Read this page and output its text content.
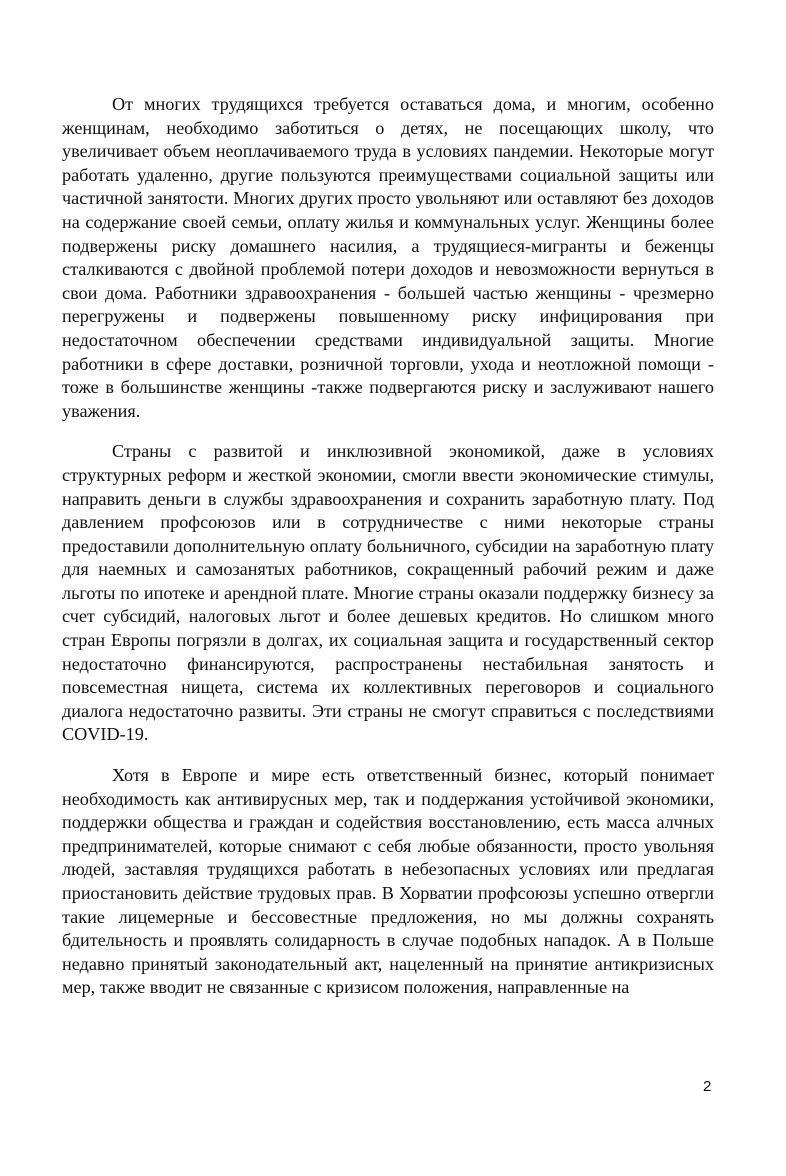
От многих трудящихся требуется оставаться дома, и многим, особенно женщинам, необходимо заботиться о детях, не посещающих школу, что увеличивает объем неоплачиваемого труда в условиях пандемии. Некоторые могут работать удаленно, другие пользуются преимуществами социальной защиты или частичной занятости. Многих других просто увольняют или оставляют без доходов на содержание своей семьи, оплату жилья и коммунальных услуг. Женщины более подвержены риску домашнего насилия, а трудящиеся-мигранты и беженцы сталкиваются с двойной проблемой потери доходов и невозможности вернуться в свои дома. Работники здравоохранения - большей частью женщины - чрезмерно перегружены и подвержены повышенному риску инфицирования при недостаточном обеспечении средствами индивидуальной защиты. Многие работники в сфере доставки, розничной торговли, ухода и неотложной помощи - тоже в большинстве женщины -также подвергаются риску и заслуживают нашего уважения.

Страны с развитой и инклюзивной экономикой, даже в условиях структурных реформ и жесткой экономии, смогли ввести экономические стимулы, направить деньги в службы здравоохранения и сохранить заработную плату. Под давлением профсоюзов или в сотрудничестве с ними некоторые страны предоставили дополнительную оплату больничного, субсидии на заработную плату для наемных и самозанятых работников, сокращенный рабочий режим и даже льготы по ипотеке и арендной плате. Многие страны оказали поддержку бизнесу за счет субсидий, налоговых льгот и более дешевых кредитов. Но слишком много стран Европы погрязли в долгах, их социальная защита и государственный сектор недостаточно финансируются, распространены нестабильная занятость и повсеместная нищета, система их коллективных переговоров и социального диалога недостаточно развиты. Эти страны не смогут справиться с последствиями COVID-19.

Хотя в Европе и мире есть ответственный бизнес, который понимает необходимость как антивирусных мер, так и поддержания устойчивой экономики, поддержки общества и граждан и содействия восстановлению, есть масса алчных предпринимателей, которые снимают с себя любые обязанности, просто увольняя людей, заставляя трудящихся работать в небезопасных условиях или предлагая приостановить действие трудовых прав. В Хорватии профсоюзы успешно отвергли такие лицемерные и бессовестные предложения, но мы должны сохранять бдительность и проявлять солидарность в случае подобных нападок. А в Польше недавно принятый законодательный акт, нацеленный на принятие антикризисных мер, также вводит не связанные с кризисом положения, направленные на

2
